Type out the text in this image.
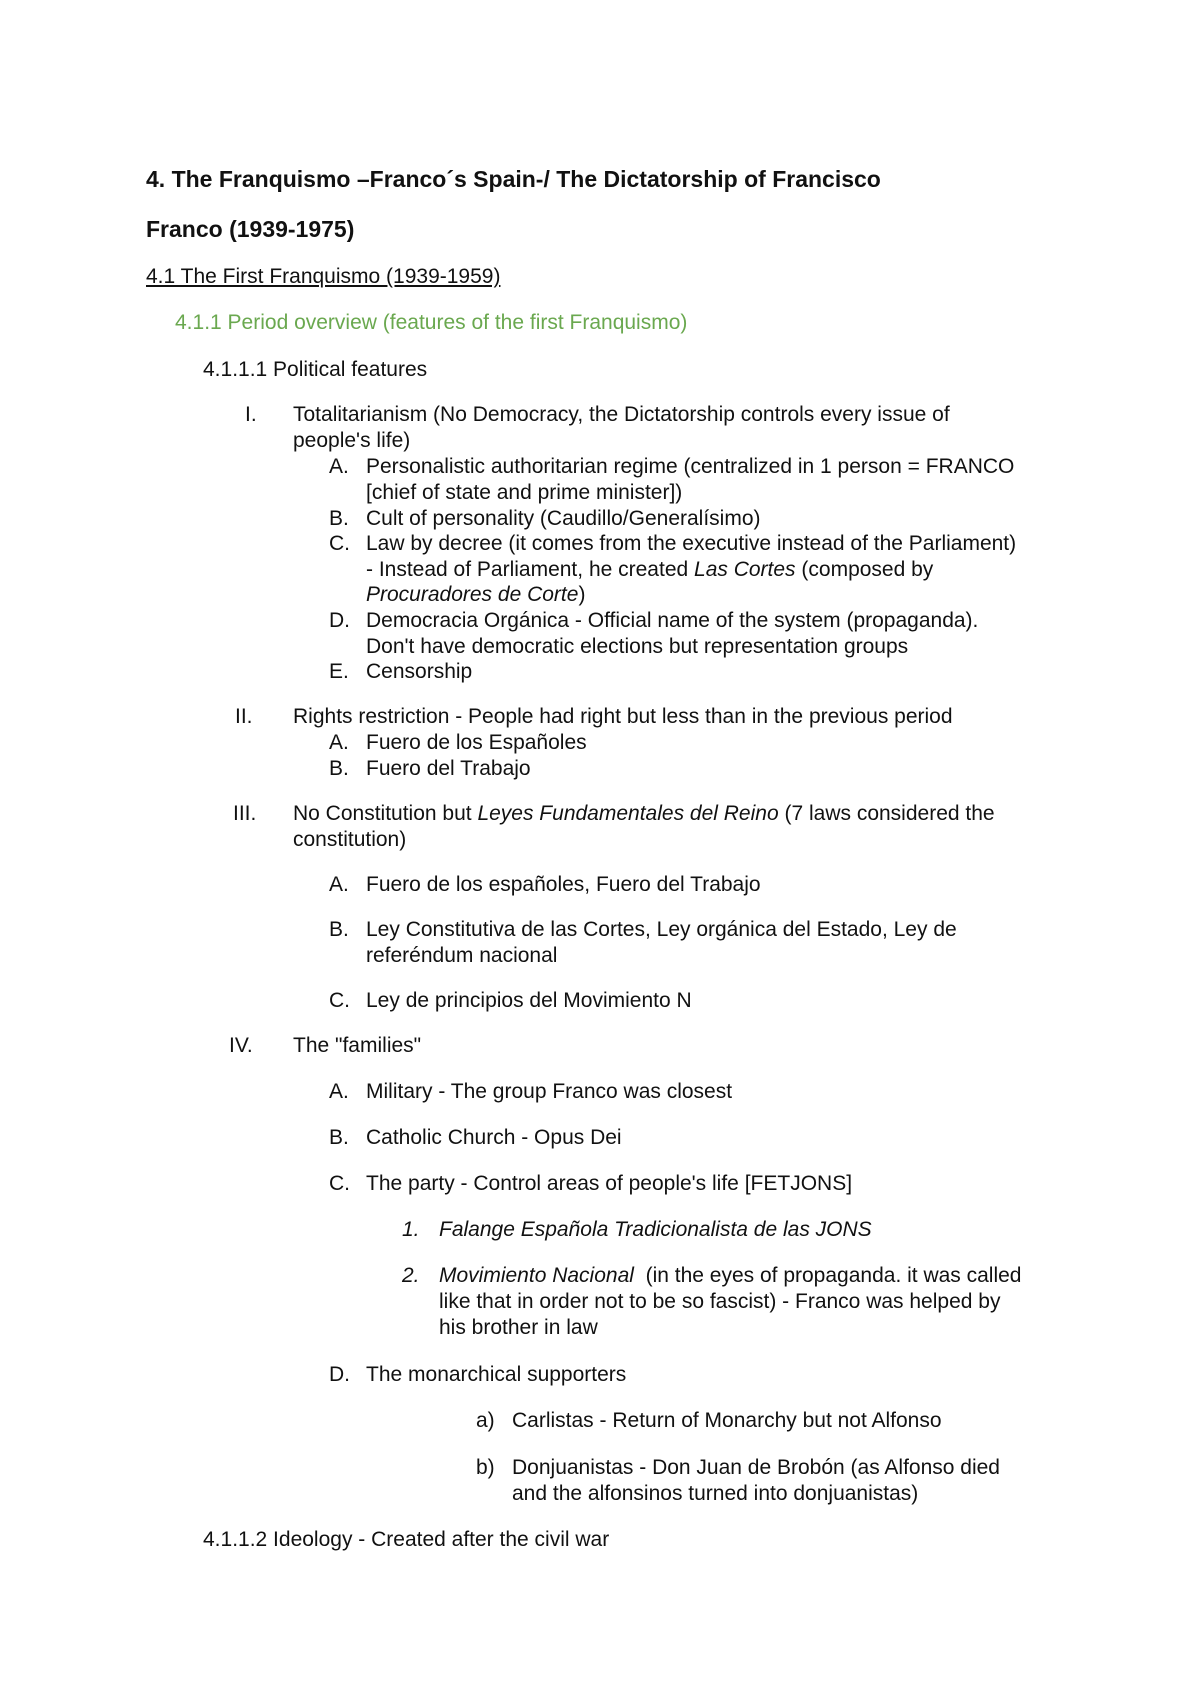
4. The Franquismo –Franco´s Spain-/ The Dictatorship of Francisco
Franco (1939-1975)
4.1 The First Franquismo (1939-1959)
4.1.1 Period overview (features of the first Franquismo)
4.1.1.1 Political features
I. Totalitarianism (No Democracy, the Dictatorship controls every issue of
people's life)
A. Personalistic authoritarian regime (centralized in 1 person = FRANCO
[chief of state and prime minister])
B. Cult of personality (Caudillo/Generalísimo)
C. Law by decree (it comes from the executive instead of the Parliament)
- Instead of Parliament, he created Las Cortes (composed by
Procuradores de Corte)
D. Democracia Orgánica - Official name of the system (propaganda).
Don't have democratic elections but representation groups
E. Censorship
II. Rights restriction - People had right but less than in the previous period
A. Fuero de los Españoles
B. Fuero del Trabajo
III. No Constitution but Leyes Fundamentales del Reino (7 laws considered the
constitution)
A. Fuero de los españoles, Fuero del Trabajo
B. Ley Constitutiva de las Cortes, Ley orgánica del Estado, Ley de
referéndum nacional
C. Ley de principios del Movimiento N
IV. The "families"
A. Military - The group Franco was closest
B. Catholic Church - Opus Dei
C. The party - Control areas of people's life [FETJONS]
1. Falange Española Tradicionalista de las JONS
2. Movimiento Nacional  (in the eyes of propaganda. it was called
like that in order not to be so fascist) - Franco was helped by
his brother in law
D. The monarchical supporters
a) Carlistas - Return of Monarchy but not Alfonso
b) Donjuanistas - Don Juan de Brobón (as Alfonso died
and the alfonsinos turned into donjuanistas)
4.1.1.2 Ideology - Created after the civil war
